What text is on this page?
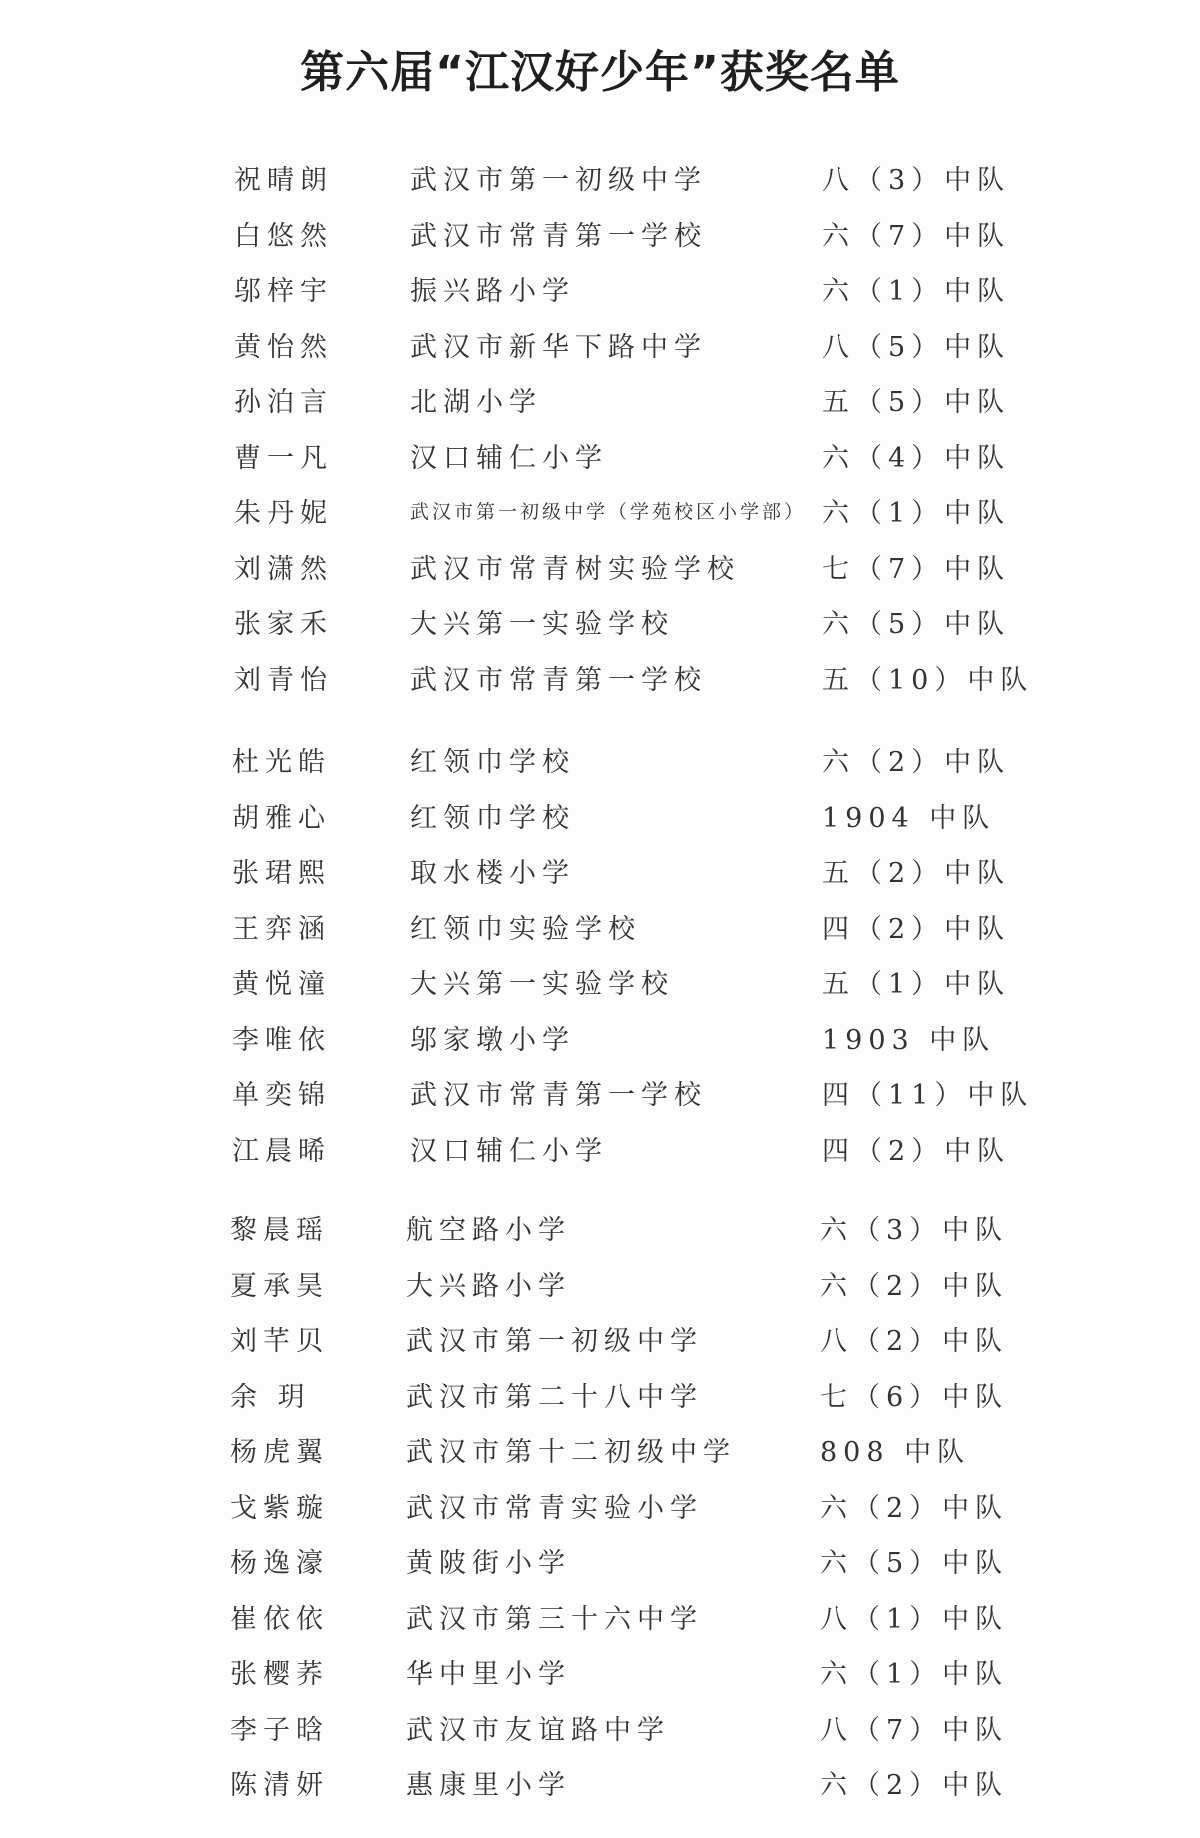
第六届“江汉好少年”获奖名单
祝晴朗	武汉市第一初级中学	八（3）中队
白悠然	武汉市常青第一学校	六（7）中队
邬梓宇	振兴路小学	六（1）中队
黄怡然	武汉市新华下路中学	八（5）中队
孙泊言	北湖小学	五（5）中队
曹一凡	汉口辅仁小学	六（4）中队
朱丹妮	武汉市第一初级中学（学苑校区小学部） 六（1）中队
刘潇然	武汉市常青树实验学校	七（7）中队
张家禾	大兴第一实验学校	六（5）中队
刘青怡	武汉市常青第一学校	五（10）中队
杜光皓	红领巾学校	六（2）中队
胡雅心	红领巾学校	1904 中队
张珺熙	取水楼小学	五（2）中队
王弈涵	红领巾实验学校	四（2）中队
黄悦潼	大兴第一实验学校	五（1）中队
李唯依	邬家墩小学	1903 中队
单奕锦	武汉市常青第一学校	四（11）中队
江晨晞	汉口辅仁小学	四（2）中队
黎晨瑶	航空路小学	六（3）中队
夏承昊	大兴路小学	六（2）中队
刘芊贝	武汉市第一初级中学	八（2）中队
余 玥	武汉市第二十八中学	七（6）中队
杨虎翼	武汉市第十二初级中学	808 中队
戈紫璇	武汉市常青实验小学	六（2）中队
杨逸濠	黄陂街小学	六（5）中队
崔依依	武汉市第三十六中学	八（1）中队
张樱荞	华中里小学	六（1）中队
李子晗	武汉市友谊路中学	八（7）中队
陈清妍	惠康里小学	六（2）中队
